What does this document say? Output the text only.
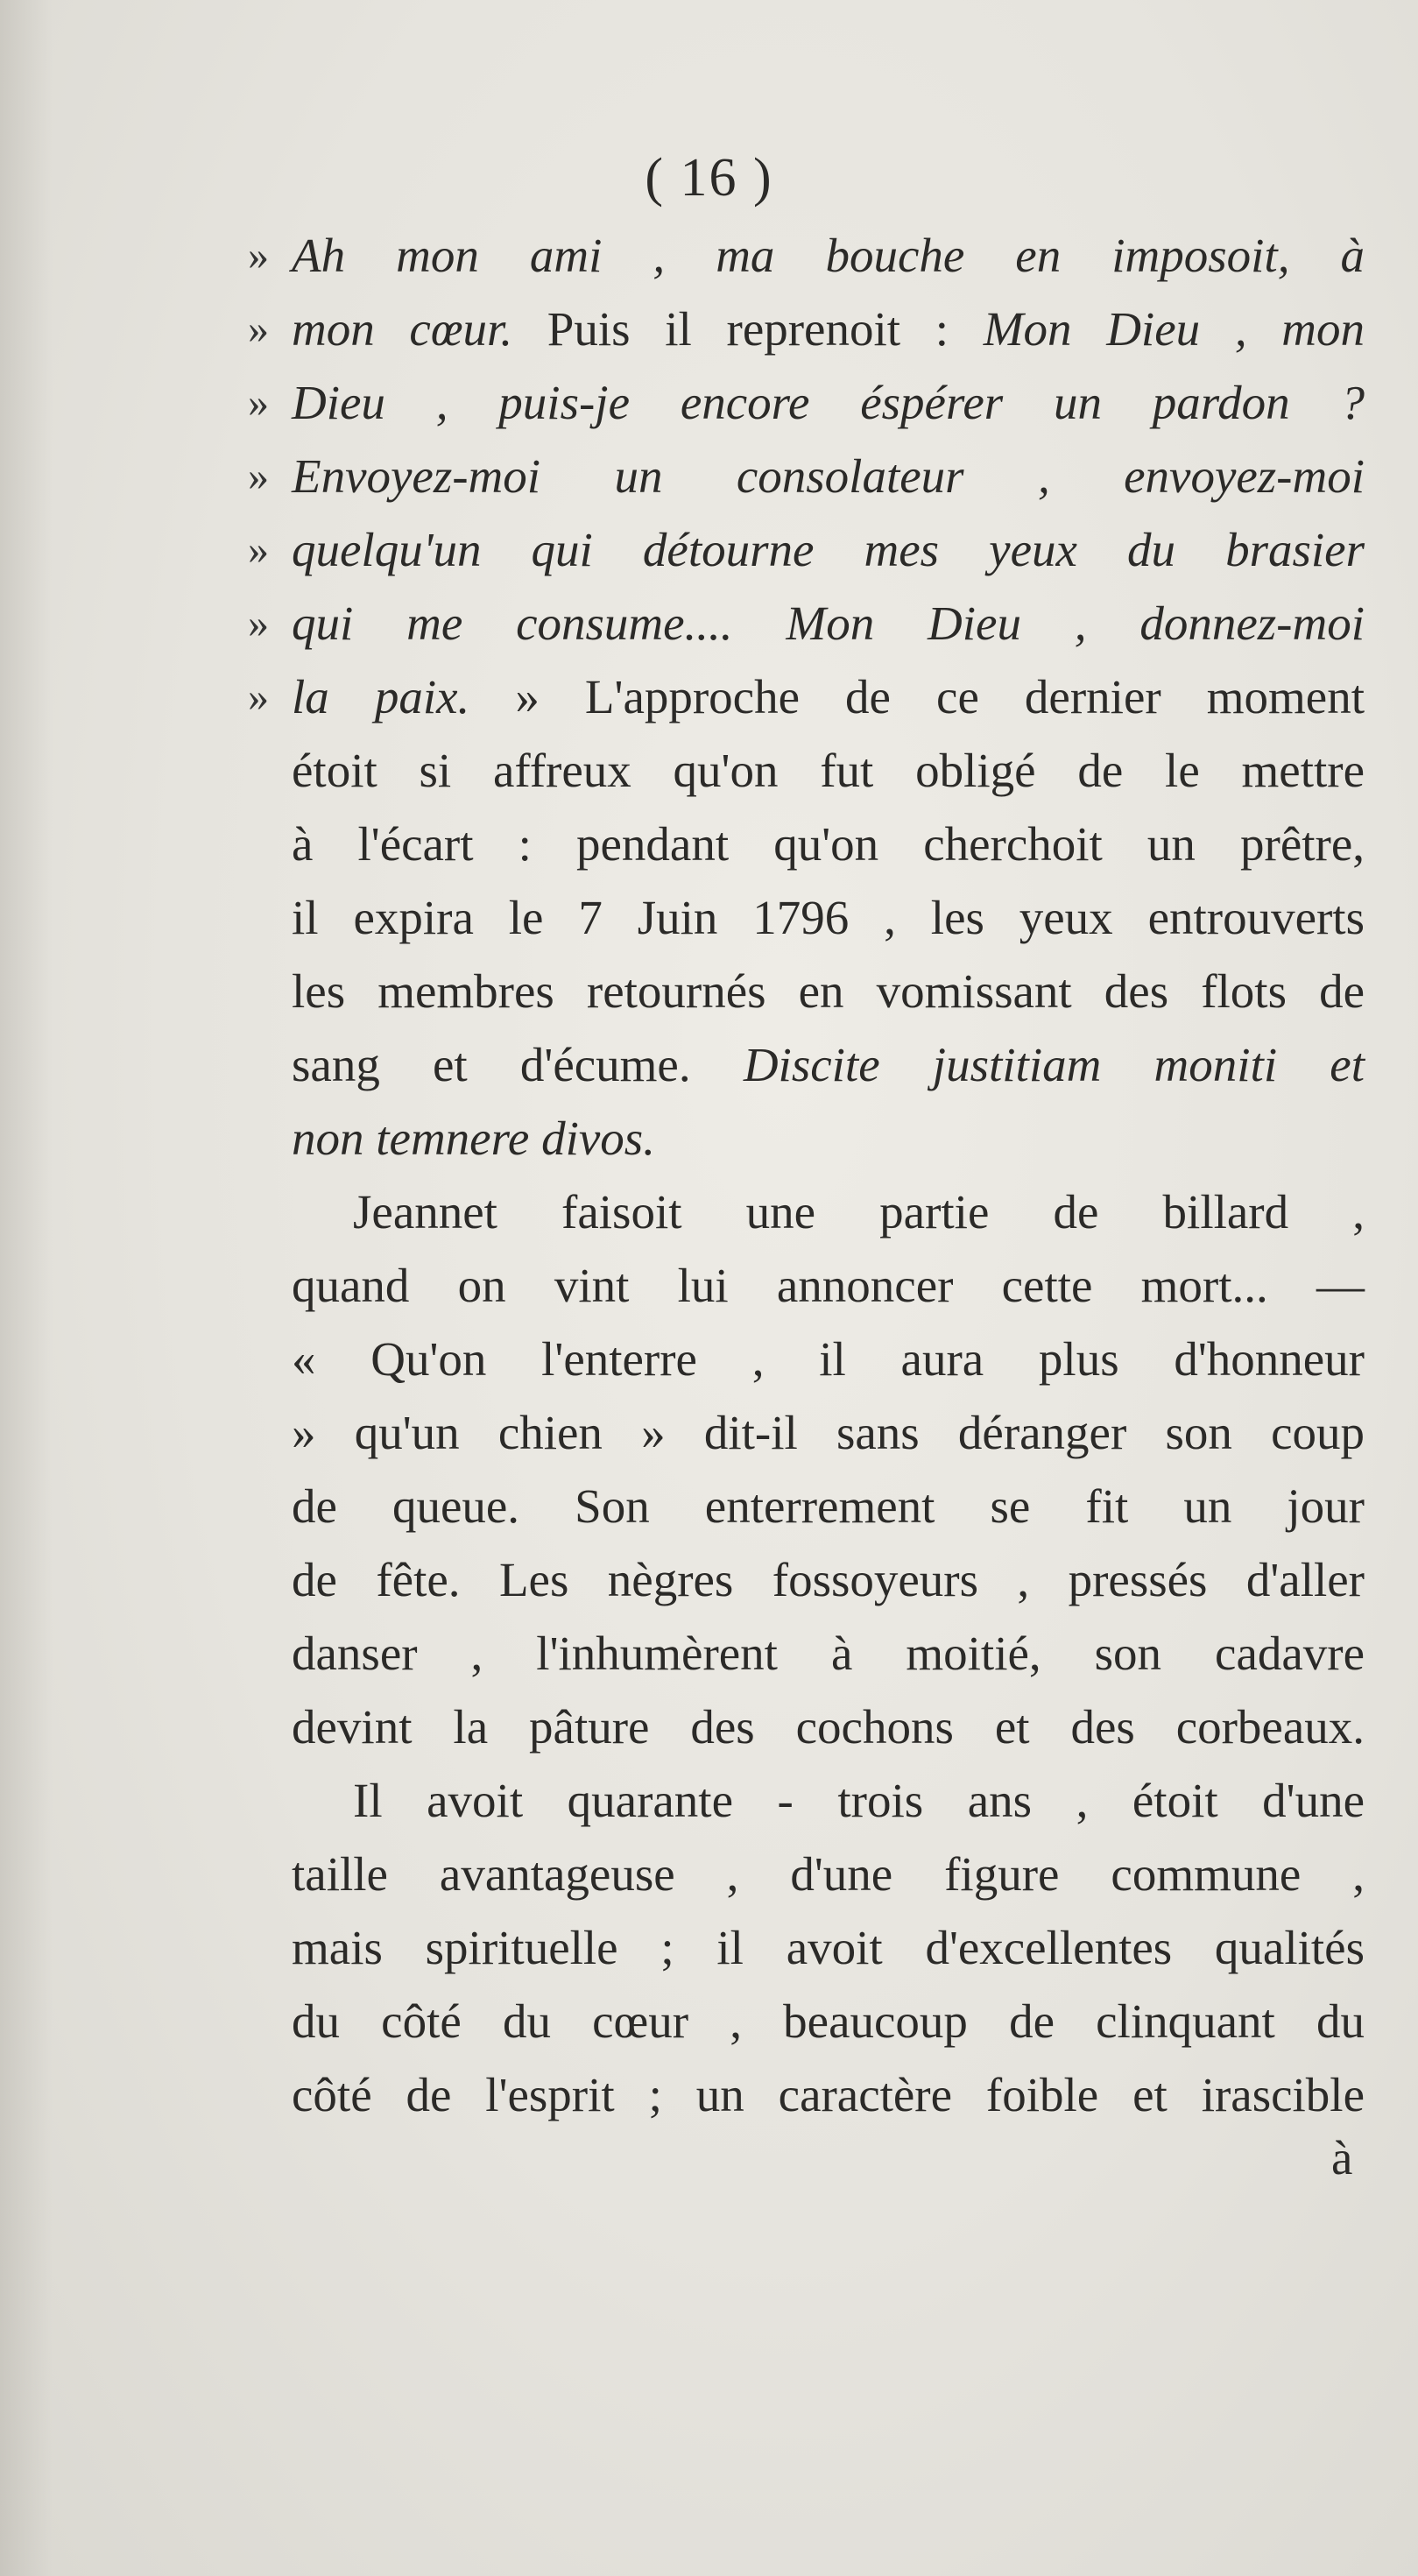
( 16 )
» Ah mon ami , ma bouche en imposoit, à
» mon cœur. Puis il reprenoit : Mon Dieu , mon
» Dieu , puis-je encore éspérer un pardon ?
» Envoyez-moi un consolateur , envoyez-moi
» quelqu'un qui détourne mes yeux du brasier
» qui me consume.... Mon Dieu , donnez-moi
» la paix. » L'approche de ce dernier moment
étoit si affreux qu'on fut obligé de le mettre
à l'écart : pendant qu'on cherchoit un prêtre,
il expira le 7 Juin 1796 , les yeux entrouverts
les membres retournés en vomissant des flots de
sang et d'écume. Discite justitiam moniti et
non temnere divos.
Jeannet faisoit une partie de billard ,
quand on vint lui annoncer cette mort... —
« Qu'on l'enterre , il aura plus d'honneur
» qu'un chien » dit-il sans déranger son coup
de queue. Son enterrement se fit un jour
de fête. Les nègres fossoyeurs , pressés d'aller
danser , l'inhumèrent à moitié, son cadavre
devint la pâture des cochons et des corbeaux.
Il avoit quarante - trois ans , étoit d'une
taille avantageuse , d'une figure commune ,
mais spirituelle ; il avoit d'excellentes qualités
du côté du cœur , beaucoup de clinquant du
côté de l'esprit ; un caractère foible et irascible
à
